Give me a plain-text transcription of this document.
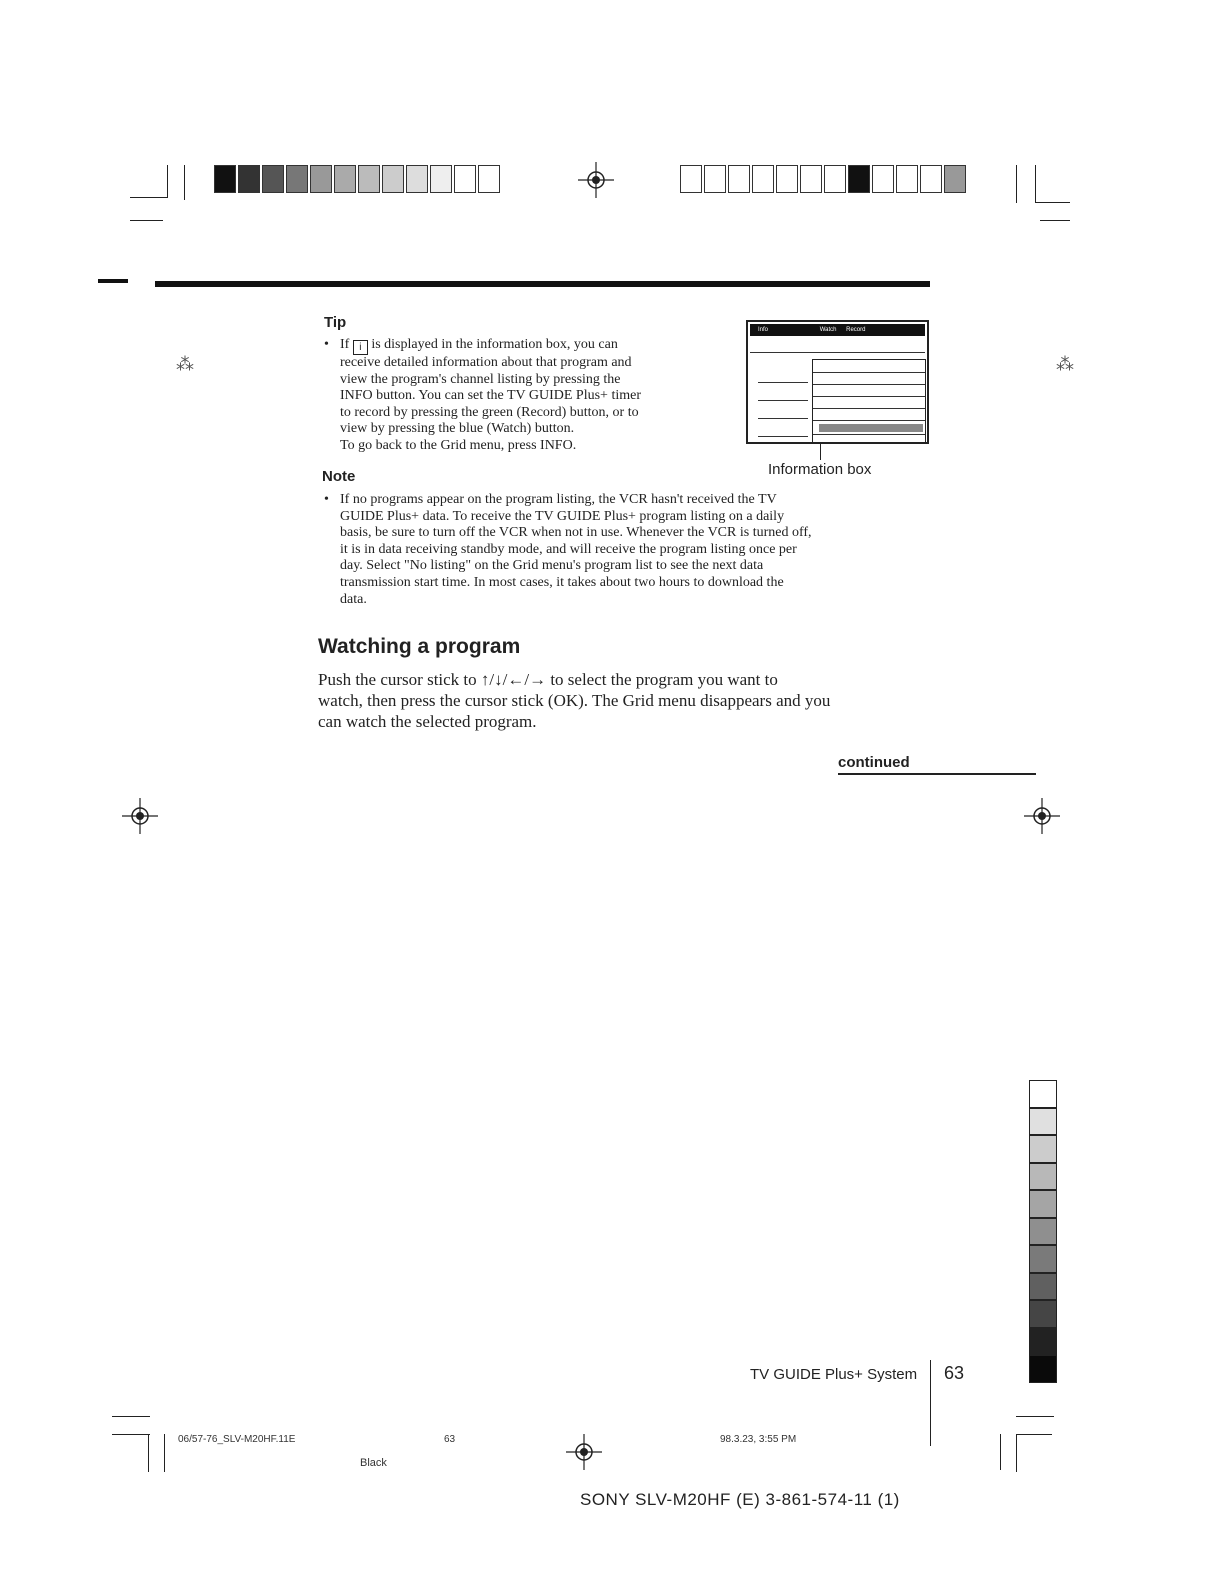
⁂	⁂
Tip
• If i is displayed in the information box, you can

receive detailed information about that program and

view the program's channel listing by pressing the

INFO button. You can set the TV GUIDE Plus+ timer

to record by pressing the green (Record) button, or to

view by pressing the blue (Watch) button.

To go back to the Grid menu, press INFO.

Info	Watch Record
Information box
Note
• If no programs appear on the program listing, the VCR hasn't received the TV

GUIDE Plus+ data. To receive the TV GUIDE Plus+ program listing on a daily

basis, be sure to turn off the VCR when not in use. Whenever the VCR is turned off,

it is in data receiving standby mode, and will receive the program listing once per

day. Select "No listing" on the Grid menu's program list to see the next data

transmission start time. In most cases, it takes about two hours to download the

data.

Watching a program
Push the cursor stick to ↑/↓/←/→ to select the program you want to
watch, then press the cursor stick (OK). The Grid menu disappears and you
can watch the selected program.
continued
TV GUIDE Plus+ System 63
06/57-76_SLV-M20HF.11E	63	98.3.23, 3:55 PM
Black
SONY SLV-M20HF (E) 3-861-574-11 (1)
